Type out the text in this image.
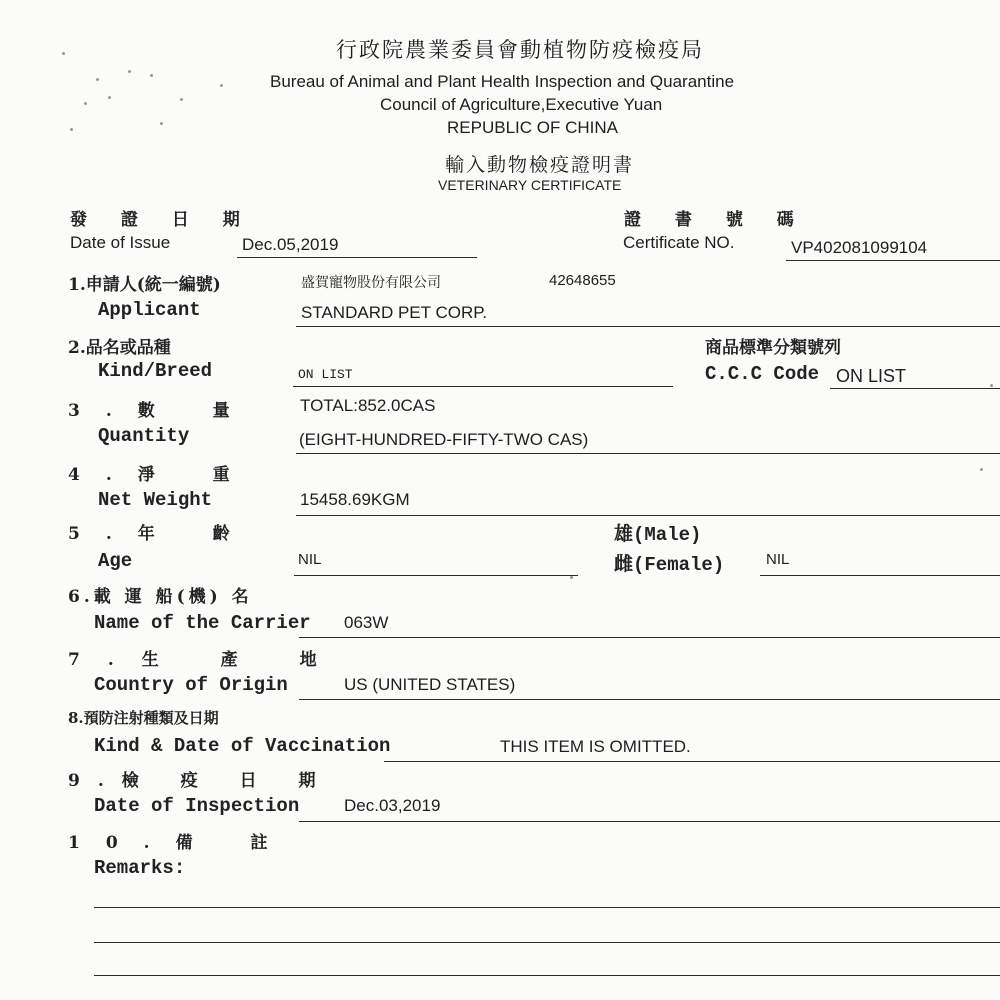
行政院農業委員會動植物防疫檢疫局
Bureau of Animal and Plant Health Inspection and Quarantine
Council of Agriculture,Executive Yuan
REPUBLIC OF CHINA
輸入動物檢疫證明書
VETERINARY CERTIFICATE
發 證 日 期
Date of Issue	Dec.05,2019
證 書 號 碼
Certificate NO.	VP402081099104
1.申請人(統一編號)	盛賀寵物股份有限公司	42648655
Applicant	STANDARD PET CORP.
2.品名或品種	商品標準分類號列
Kind/Breed	ON LIST	C.C.C Code ON LIST
3.數 量	TOTAL:852.0CAS
Quantity	(EIGHT-HUNDRED-FIFTY-TWO CAS)
4.淨 重
Net Weight	15458.69KGM
5.年 齡	雄(Male)
Age	NIL	雌(Female)	NIL
6.載 運 船(機) 名
Name of the Carrier 063W
7.生 產 地
Country of Origin	US (UNITED STATES)
8.預防注射種類及日期
Kind & Date of Vaccination	THIS ITEM IS OMITTED.
9.檢 疫 日 期
Date of Inspection	Dec.03,2019
10.備 註
Remarks:
